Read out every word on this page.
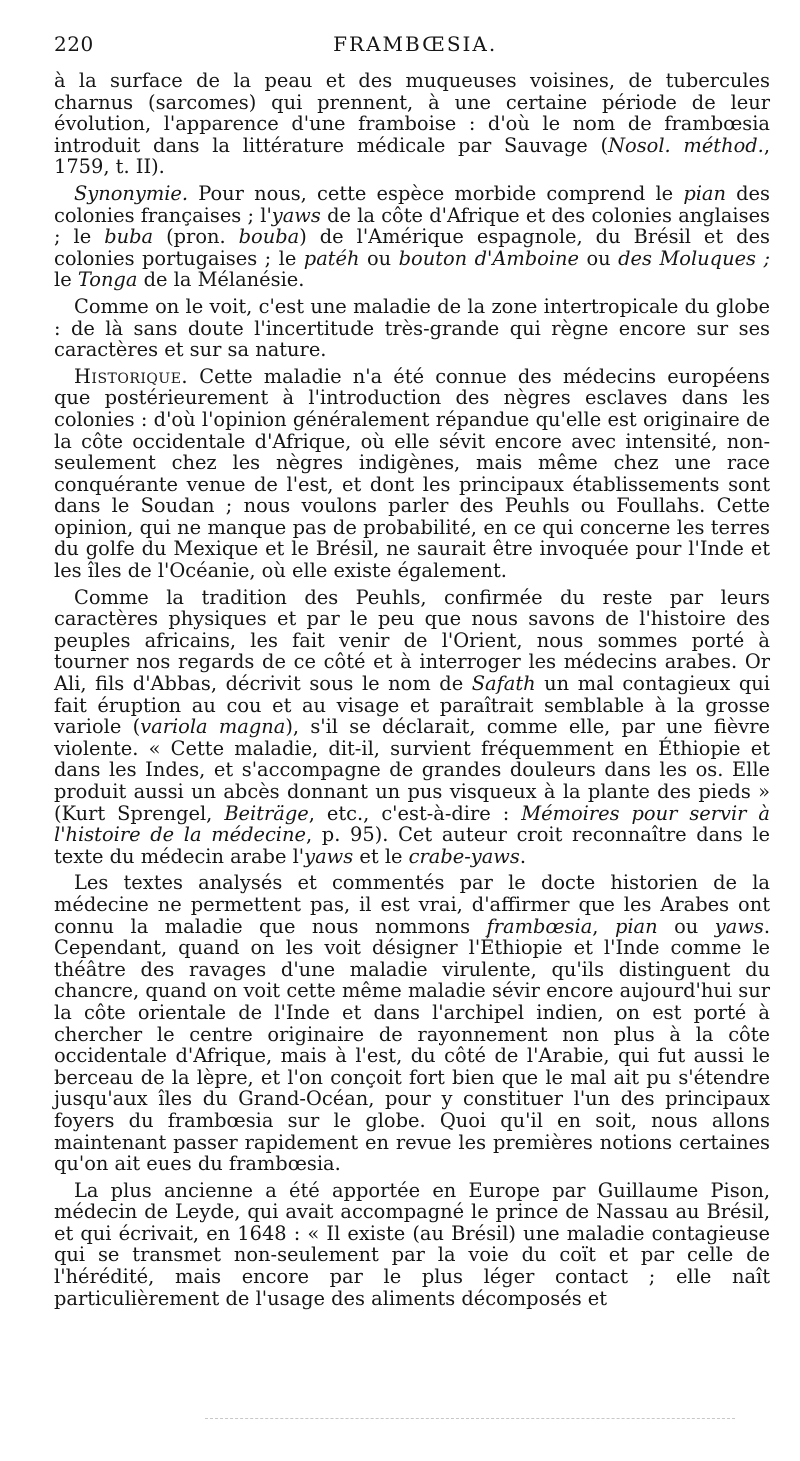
220	FRAMBŒSIA.

à la surface de la peau et des muqueuses voisines, de tubercules charnus (sarcomes) qui prennent, à une certaine période de leur évolution, l'apparence d'une framboise : d'où le nom de frambœsia introduit dans la littérature médicale par Sauvage (Nosol. méthod., 1759, t. II).

Synonymie. Pour nous, cette espèce morbide comprend le pian des colonies françaises ; l'yaws de la côte d'Afrique et des colonies anglaises ; le buba (pron. bouba) de l'Amérique espagnole, du Brésil et des colonies portugaises ; le patéh ou bouton d'Amboine ou des Moluques ; le Tonga de la Mélanésie.

Comme on le voit, c'est une maladie de la zone intertropicale du globe : de là sans doute l'incertitude très-grande qui règne encore sur ses caractères et sur sa nature.

Historique. Cette maladie n'a été connue des médecins européens que postérieurement à l'introduction des nègres esclaves dans les colonies : d'où l'opinion généralement répandue qu'elle est originaire de la côte occidentale d'Afrique, où elle sévit encore avec intensité, non-seulement chez les nègres indigènes, mais même chez une race conquérante venue de l'est, et dont les principaux établissements sont dans le Soudan ; nous voulons parler des Peuhls ou Foullahs. Cette opinion, qui ne manque pas de probabilité, en ce qui concerne les terres du golfe du Mexique et le Brésil, ne saurait être invoquée pour l'Inde et les îles de l'Océanie, où elle existe également.

Comme la tradition des Peuhls, confirmée du reste par leurs caractères physiques et par le peu que nous savons de l'histoire des peuples africains, les fait venir de l'Orient, nous sommes porté à tourner nos regards de ce côté et à interroger les médecins arabes. Or Ali, fils d'Abbas, décrivit sous le nom de Safath un mal contagieux qui fait éruption au cou et au visage et paraîtrait semblable à la grosse variole (variola magna), s'il se déclarait, comme elle, par une fièvre violente. « Cette maladie, dit-il, survient fréquemment en Éthiopie et dans les Indes, et s'accompagne de grandes douleurs dans les os. Elle produit aussi un abcès donnant un pus visqueux à la plante des pieds » (Kurt Sprengel, Beiträge, etc., c'est-à-dire : Mémoires pour servir à l'histoire de la médecine, p. 95). Cet auteur croit reconnaître dans le texte du médecin arabe l'yaws et le crabe-yaws.

Les textes analysés et commentés par le docte historien de la médecine ne permettent pas, il est vrai, d'affirmer que les Arabes ont connu la maladie que nous nommons frambœsia, pian ou yaws. Cependant, quand on les voit désigner l'Éthiopie et l'Inde comme le théâtre des ravages d'une maladie virulente, qu'ils distinguent du chancre, quand on voit cette même maladie sévir encore aujourd'hui sur la côte orientale de l'Inde et dans l'archipel indien, on est porté à chercher le centre originaire de rayonnement non plus à la côte occidentale d'Afrique, mais à l'est, du côté de l'Arabie, qui fut aussi le berceau de la lèpre, et l'on conçoit fort bien que le mal ait pu s'étendre jusqu'aux îles du Grand-Océan, pour y constituer l'un des principaux foyers du frambœsia sur le globe. Quoi qu'il en soit, nous allons maintenant passer rapidement en revue les premières notions certaines qu'on ait eues du frambœsia.

La plus ancienne a été apportée en Europe par Guillaume Pison, médecin de Leyde, qui avait accompagné le prince de Nassau au Brésil, et qui écrivait, en 1648 : « Il existe (au Brésil) une maladie contagieuse qui se transmet non-seulement par la voie du coït et par celle de l'hérédité, mais encore par le plus léger contact ; elle naît particulièrement de l'usage des aliments décomposés et
